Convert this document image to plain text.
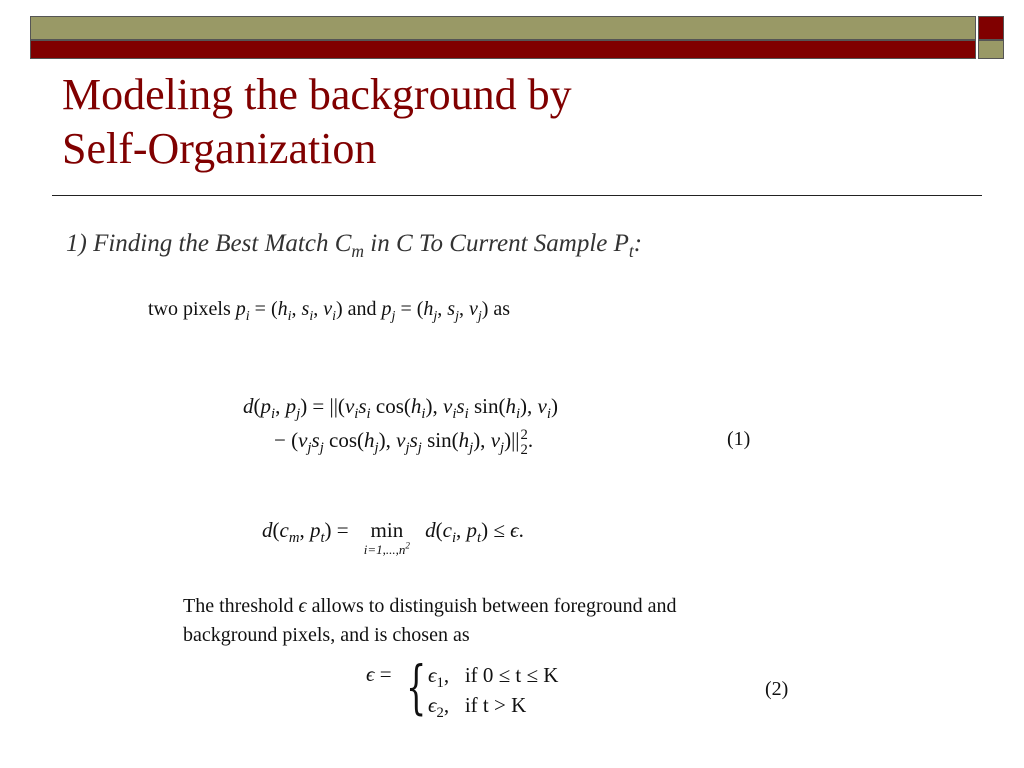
Modeling the background by
Self-Organization
1) Finding the Best Match $C_m$ in C To Current Sample $P_t$:
two pixels $p_i = (h_i$, $s_i$, $v_i$) and $p_j = (h_j$, $s_j$, $v_j$) as
$d(p_i$, $p_j) = ||(v_is_i$ $\cos(h_i)$, $v_is_i$ $\sin(h_i)$, $v_i$)
− ($v_js_j$ $\cos(h_j)$, $v_js_j$ $\sin(h_j)$, $v_j)||$ 2
2 .	(1)
$d(c_m$, $p_t) = \min$
$i=1,...,n^2$
$d(c_i$, $p_t) \le \epsilon$.
The threshold ϵ allows to distinguish between foreground and
background pixels, and is chosen as
ϵ = { $\epsilon_1$,   if 0 ≤ t ≤ K
$\epsilon_2$,   if t > K
(2)
